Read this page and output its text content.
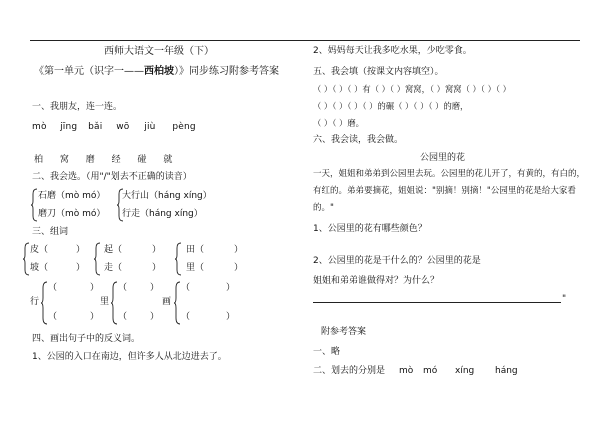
西师大语文一年级（下）
《第一单元（识字一——西柏坡）》同步练习附参考答案
一、我朋友，连一连。
mò jīng bǎi wō jiù pèng
柏 窝 磨 经 碰 就
二、我会选。（用"/"划去不正确的读音）
石磨（mò mó） 大行山（háng xíng）
磨刀（mò mó） 行走（háng xíng）
三、组词
皮（	） 起（	）	田（	）
坡（	） 走（	）	里（	）
行
（	）
（	）
里
（	）
（	）
画
（	）
（	）
四、画出句子中的反义词。
1、公园的入口在南边，但许多人从北边进去了。
2、妈妈每天让我多吃水果，少吃零食。
五、我会填（按课文内容填空）。
（ ）（ ）（ ）有（ ）（ ）窝窝，（ ）窝窝（ ）（ ）（ ）
（ ）（ ）（ ）（ ）的碾（ ）（ ）（ ）的磨，
（ ）（ ）磨。
六、我会读，我会做。
公园里的花
一天，姐姐和弟弟到公园里去玩。公园里的花儿开了，有黄的，有白的，
有红的。弟弟要摘花，姐姐说："别摘！别摘！"公园里的花是给大家看
的。"
1、公园里的花有哪些颜色？
2、公园里的花是干什么的？公园里的花是
姐姐和弟弟谁做得对？为什么？
"
附参考答案
一、略
二、划去的分别是 mò mó xíng háng
